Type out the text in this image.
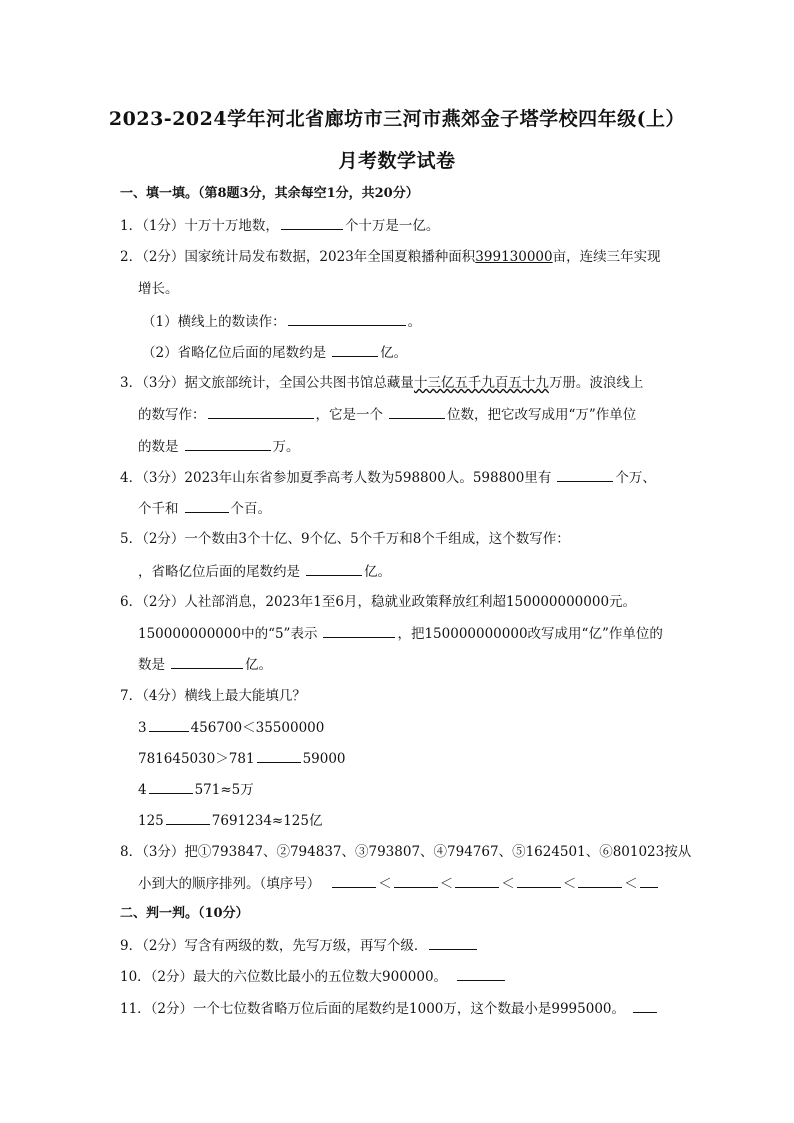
2023-2024学年河北省廊坊市三河市燕郊金子塔学校四年级(上）
月考数学试卷
一、填一填。（第8题3分，其余每空1分，共20分）
1．（1分）十万十万地数，	个十万是一亿。
2．（2分）国家统计局发布数据，2023年全国夏粮播种面积399130000亩，连续三年实现
增长。
（1）横线上的数读作：	。
（2）省略亿位后面的尾数约是	亿。
3．（3分）据文旅部统计，全国公共图书馆总藏量十三亿五千九百五十九万册。波浪线上
的数写作：	，它是一个	位数，把它改写成用“万”作单位
的数是	万。
4．（3分）2023年山东省参加夏季高考人数为598800人。598800里有	个万、
个千和	个百。
5．（2分）一个数由3个十亿、9个亿、5个千万和8个千组成，这个数写作：
，省略亿位后面的尾数约是	亿。
6．（2分）人社部消息，2023年1至6月，稳就业政策释放红利超150000000000元。
150000000000中的“5”表示	，把150000000000改写成用“亿”作单位的
数是	亿。
7．（4分）横线上最大能填几？
3	456700＜35500000
781645030＞781	59000
4	571≈5万
125	7691234≈125亿
8．（3分）把①793847、②794837、③793807、④794767、⑤1624501、⑥801023按从
小到大的顺序排列。（填序号）	＜	＜	＜	＜	＜
二、判一判。（10分）
9．（2分）写含有两级的数，先写万级，再写个级．
10．（2分）最大的六位数比最小的五位数大900000。
11．（2分）一个七位数省略万位后面的尾数约是1000万，这个数最小是9995000。
